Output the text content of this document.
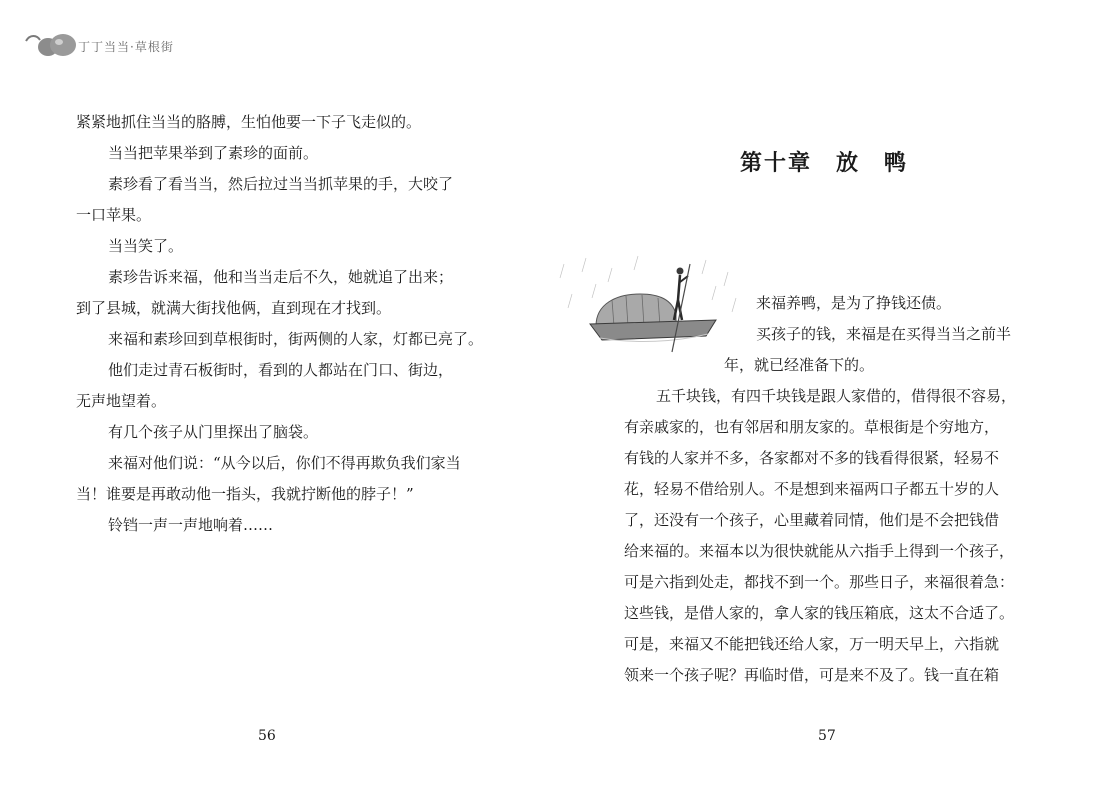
丁丁当当·草根街

紧紧地抓住当当的胳膊，生怕他要一下子飞走似的。

当当把苹果举到了素珍的面前。

素珍看了看当当，然后拉过当当抓苹果的手，大咬了
一口苹果。

当当笑了。

素珍告诉来福，他和当当走后不久，她就追了出来；
到了县城，就满大街找他俩，直到现在才找到。

来福和素珍回到草根街时，街两侧的人家，灯都已亮了。

他们走过青石板街时，看到的人都站在门口、街边，
无声地望着。

有几个孩子从门里探出了脑袋。

来福对他们说：“从今以后，你们不得再欺负我们家当
当！谁要是再敢动他一指头，我就拧断他的脖子！”

铃铛一声一声地响着……

56
第十章　放　鸭

来福养鸭，是为了挣钱还债。

买孩子的钱，来福是在买得当当之前半
年，就已经准备下的。

五千块钱，有四千块钱是跟人家借的，借得很不容易，
有亲戚家的，也有邻居和朋友家的。草根街是个穷地方，
有钱的人家并不多，各家都对不多的钱看得很紧，轻易不
花，轻易不借给别人。不是想到来福两口子都五十岁的人
了，还没有一个孩子，心里藏着同情，他们是不会把钱借
给来福的。来福本以为很快就能从六指手上得到一个孩子，
可是六指到处走，都找不到一个。那些日子，来福很着急：
这些钱，是借人家的，拿人家的钱压箱底，这太不合适了。
可是，来福又不能把钱还给人家，万一明天早上，六指就
领来一个孩子呢？再临时借，可是来不及了。钱一直在箱

57
